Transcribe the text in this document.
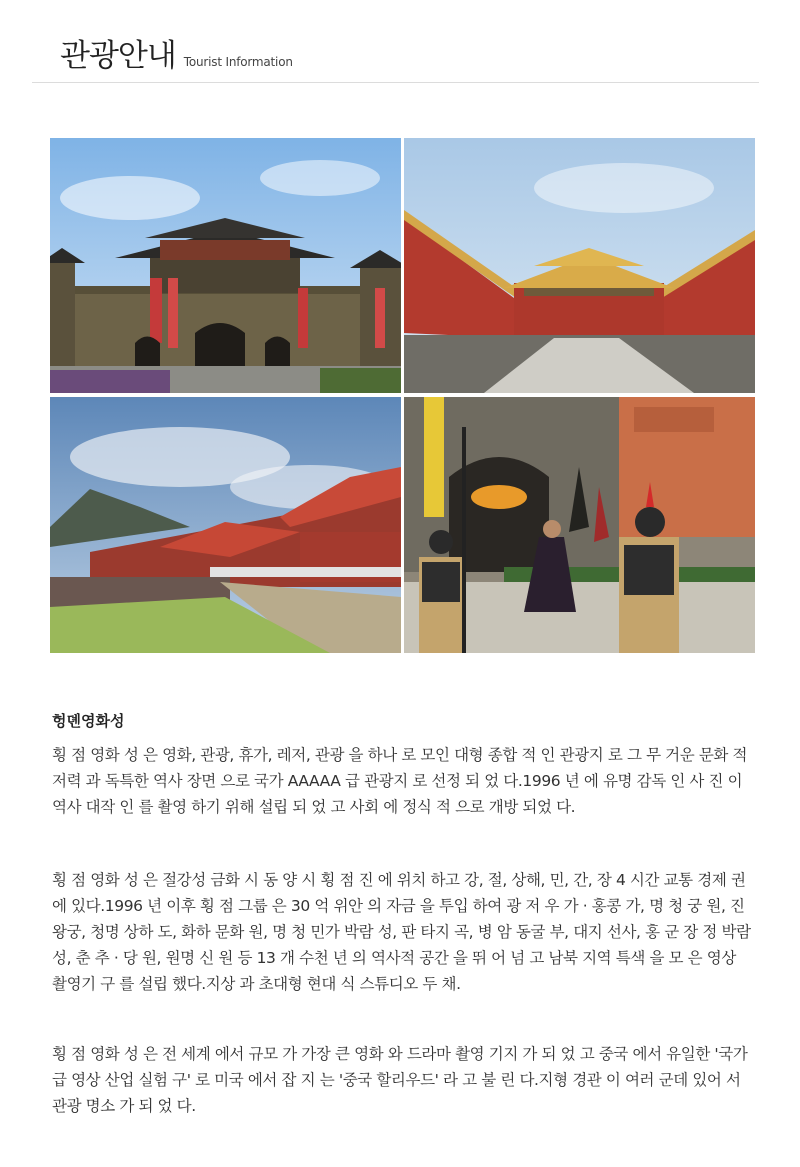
관광안내 Tourist Information
헝뎬영화성

횡 점 영화 성 은 영화, 관광, 휴가, 레저, 관광 을 하나 로 모인 대형 종합 적 인 관광지 로 그 무 거운 문화 적 저력 과 독특한 역사 장면 으로 국가 AAAAA 급 관광지 로 선정 되 었 다.1996 년 에 유명 감독 인 사 진 이 역사 대작 인 를 촬영 하기 위해 설립 되 었 고 사회 에 정식 적 으로 개방 되었 다.

횡 점 영화 성 은 절강성 금화 시 동 양 시 횡 점 진 에 위치 하고 강, 절, 상해, 민, 간, 장 4 시간 교통 경제 권 에 있다.1996 년 이후 횡 점 그룹 은 30 억 위안 의 자금 을 투입 하여 광 저 우 가 · 홍콩 가, 명 청 궁 원, 진 왕궁, 청명 상하 도, 화하 문화 원, 명 청 민가 박람 성, 판 타지 곡, 병 암 동굴 부, 대지 선사, 홍 군 장 정 박람 성, 춘 추 · 당 원, 원명 신 원 등 13 개 수천 년 의 역사적 공간 을 뛰 어 넘 고 남북 지역 특색 을 모 은 영상 촬영기 구 를 설립 했다.지상 과 초대형 현대 식 스튜디오 두 채.

횡 점 영화 성 은 전 세계 에서 규모 가 가장 큰 영화 와 드라마 촬영 기지 가 되 었 고 중국 에서 유일한 '국가 급 영상 산업 실험 구' 로 미국 에서 잡 지 는 '중국 할리우드' 라 고 불 린 다.지형 경관 이 여러 군데 있어 서 관광 명소 가 되 었 다.
